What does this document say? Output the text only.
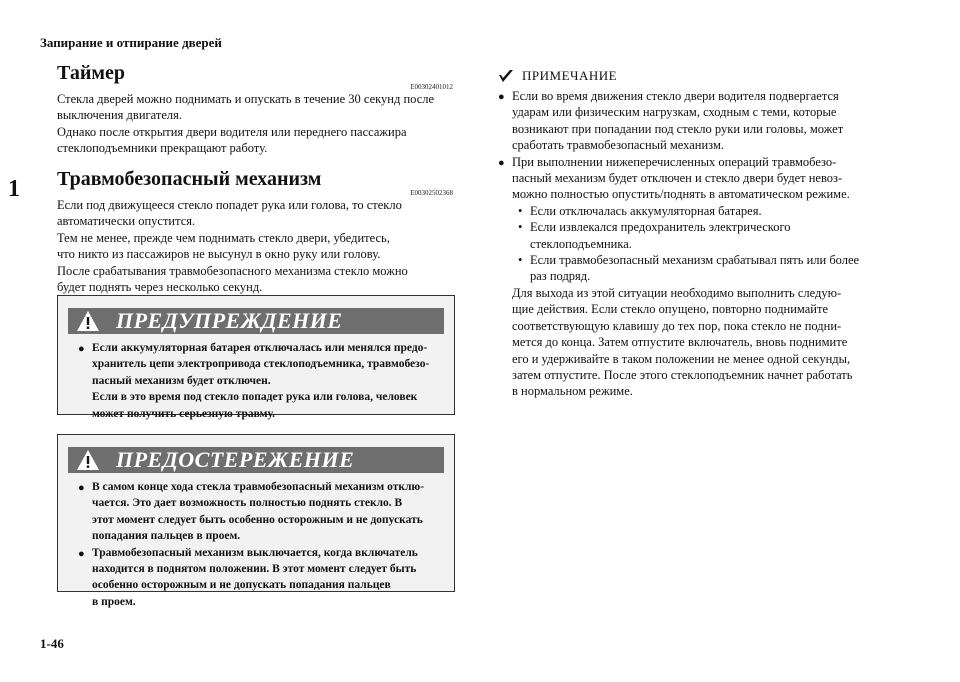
Запирание и отпирание дверей
1
Таймер
E00302401012
Стекла дверей можно поднимать и опускать в течение 30 секунд после
выключения двигателя.
Однако после открытия двери водителя или переднего пассажира
стеклоподъемники прекращают работу.
Травмобезопасный механизм
E00302502368
Если под движущееся стекло попадет рука или голова, то стекло
автоматически опустится.
Тем не менее, прежде чем поднимать стекло двери, убедитесь,
что никто из пассажиров не высунул в окно руку или голову.
После срабатывания травмобезопасного механизма стекло можно
будет поднять через несколько секунд.
ПРЕДУПРЕЖДЕНИЕ
● Если аккумуляторная батарея отключалась или менялся предо-
хранитель цепи электропривода стеклоподъемника, травмобезо-
пасный механизм будет отключен.
Если в это время под стекло попадет рука или голова, человек
может получить серьезную травму.
ПРЕДОСТЕРЕЖЕНИЕ
● В самом конце хода стекла травмобезопасный механизм отклю-
чается. Это дает возможность полностью поднять стекло. В
этот момент следует быть особенно осторожным и не допускать
попадания пальцев в проем.
● Травмобезопасный механизм выключается, когда включатель
находится в поднятом положении. В этот момент следует быть
особенно осторожным и не допускать попадания пальцев
в проем.
ПРИМЕЧАНИЕ
● Если во время движения стекло двери водителя подвергается
ударам или физическим нагрузкам, сходным с теми, которые
возникают при попадании под стекло руки или головы, может
сработать травмобезопасный механизм.
● При выполнении нижеперечисленных операций травмобезо-
пасный механизм будет отключен и стекло двери будет невоз-
можно полностью опустить/поднять в автоматическом режиме.
• Если отключалась аккумуляторная батарея.
• Если извлекался предохранитель электрического
стеклоподъемника.
• Если травмобезопасный механизм срабатывал пять или более
раз подряд.
Для выхода из этой ситуации необходимо выполнить следую-
щие действия. Если стекло опущено, повторно поднимайте
соответствующую клавишу до тех пор, пока стекло не подни-
мется до конца. Затем отпустите включатель, вновь поднимите
его и удерживайте в таком положении не менее одной секунды,
затем отпустите. После этого стеклоподъемник начнет работать
в нормальном режиме.
1-46
